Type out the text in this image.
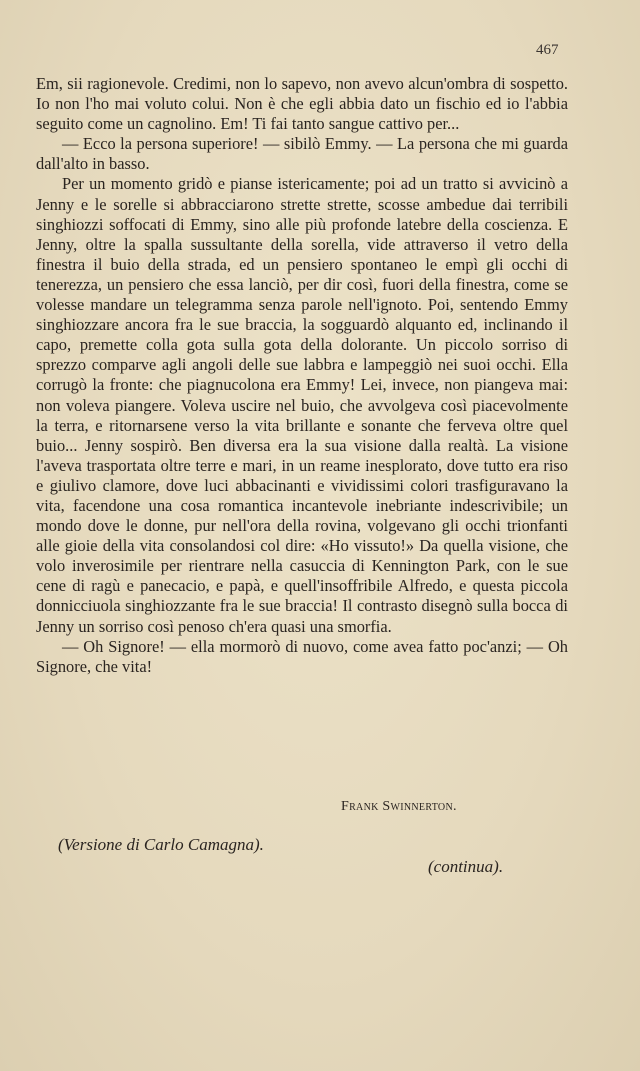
467

Em, sii ragionevole. Credimi, non lo sapevo, non avevo alcun'ombra di sospetto. Io non l'ho mai voluto colui. Non è che egli abbia dato un fischio ed io l'abbia seguito come un cagnolino. Em! Ti fai tanto sangue cattivo per...

— Ecco la persona superiore! — sibilò Emmy. — La persona che mi guarda dall'alto in basso.

Per un momento gridò e pianse istericamente; poi ad un tratto si avvicinò a Jenny e le sorelle si abbracciarono strette strette, scosse ambedue dai terribili singhiozzi soffocati di Emmy, sino alle più profonde latebre della coscienza. E Jenny, oltre la spalla sussultante della sorella, vide attraverso il vetro della finestra il buio della strada, ed un pensiero spontaneo le empì gli occhi di tenerezza, un pensiero che essa lanciò, per dir così, fuori della finestra, come se volesse mandare un telegramma senza parole nell'ignoto. Poi, sentendo Emmy singhiozzare ancora fra le sue braccia, la sogguardò alquanto ed, inclinando il capo, premette colla gota sulla gota della dolorante. Un piccolo sorriso di sprezzo comparve agli angoli delle sue labbra e lampeggiò nei suoi occhi. Ella corrugò la fronte: che piagnucolona era Emmy! Lei, invece, non piangeva mai: non voleva piangere. Voleva uscire nel buio, che avvolgeva così piacevolmente la terra, e ritornarsene verso la vita brillante e sonante che ferveva oltre quel buio... Jenny sospirò. Ben diversa era la sua visione dalla realtà. La visione l'aveva trasportata oltre terre e mari, in un reame inesplorato, dove tutto era riso e giulivo clamore, dove luci abbacinanti e vividissimi colori trasfiguravano la vita, facendone una cosa romantica incantevole inebriante indescrivibile; un mondo dove le donne, pur nell'ora della rovina, volgevano gli occhi trionfanti alle gioie della vita consolandosi col dire: «Ho vissuto!» Da quella visione, che volo inverosimile per rientrare nella casuccia di Kennington Park, con le sue cene di ragù e panecacio, e papà, e quell'insoffribile Alfredo, e questa piccola donnicciuola singhiozzante fra le sue braccia! Il contrasto disegnò sulla bocca di Jenny un sorriso così penoso ch'era quasi una smorfia.

— Oh Signore! — ella mormorò di nuovo, come avea fatto poc'anzi; — Oh Signore, che vita!

Frank Swinnerton.

(Versione di Carlo Camagna).

(continua).
